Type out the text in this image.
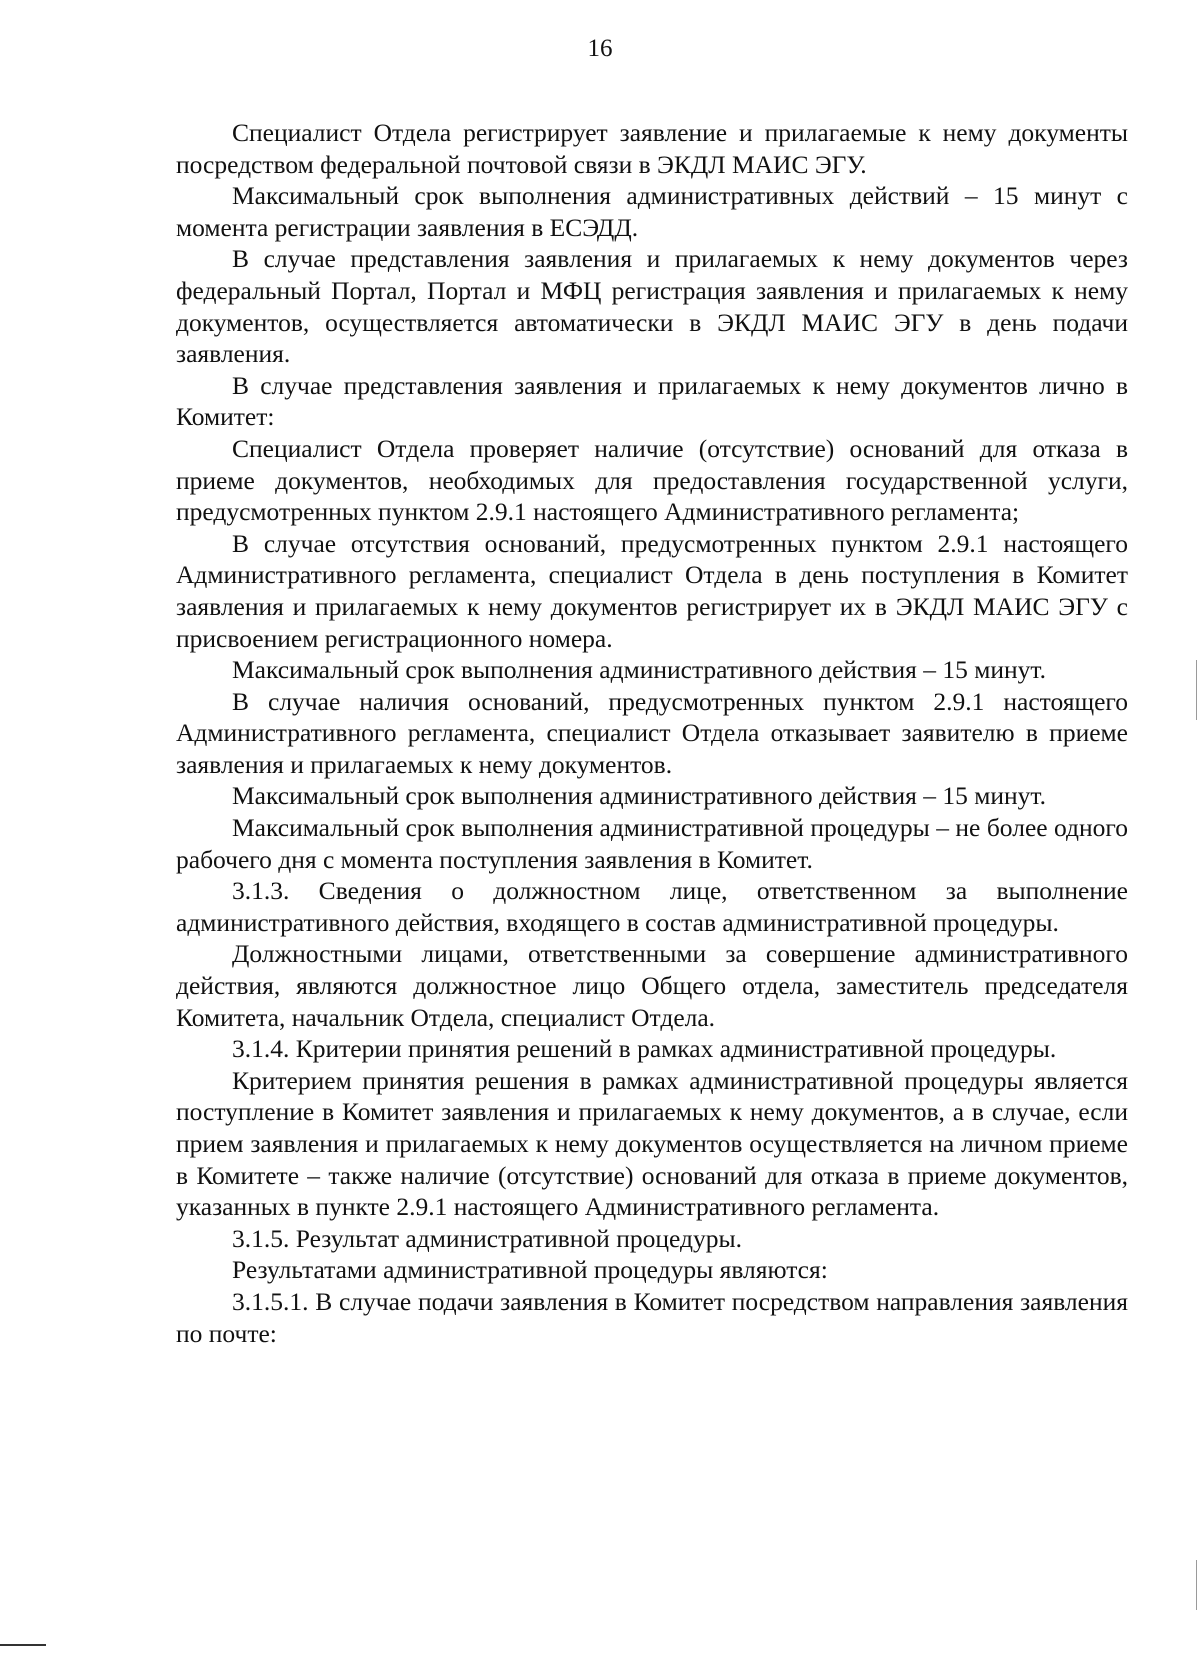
16

Специалист Отдела регистрирует заявление и прилагаемые к нему документы посредством федеральной почтовой связи в ЭКДЛ МАИС ЭГУ.

Максимальный срок выполнения административных действий – 15 минут с момента регистрации заявления в ЕСЭДД.

В случае представления заявления и прилагаемых к нему документов через федеральный Портал, Портал и МФЦ регистрация заявления и прилагаемых к нему документов, осуществляется автоматически в ЭКДЛ МАИС ЭГУ в день подачи заявления.

В случае представления заявления и прилагаемых к нему документов лично в Комитет:

Специалист Отдела проверяет наличие (отсутствие) оснований для отказа в приеме документов, необходимых для предоставления государственной услуги, предусмотренных пунктом 2.9.1 настоящего Административного регламента;

В случае отсутствия оснований, предусмотренных пунктом 2.9.1 настоящего Административного регламента, специалист Отдела в день поступления в Комитет заявления и прилагаемых к нему документов регистрирует их в ЭКДЛ МАИС ЭГУ с присвоением регистрационного номера.

Максимальный срок выполнения административного действия – 15 минут.

В случае наличия оснований, предусмотренных пунктом 2.9.1 настоящего Административного регламента, специалист Отдела отказывает заявителю в приеме заявления и прилагаемых к нему документов.

Максимальный срок выполнения административного действия – 15 минут.

Максимальный срок выполнения административной процедуры – не более одного рабочего дня с момента поступления заявления в Комитет.

3.1.3. Сведения о должностном лице, ответственном за выполнение административного действия, входящего в состав административной процедуры.

Должностными лицами, ответственными за совершение административного действия, являются должностное лицо Общего отдела, заместитель председателя Комитета, начальник Отдела, специалист Отдела.

3.1.4. Критерии принятия решений в рамках административной процедуры.

Критерием принятия решения в рамках административной процедуры является поступление в Комитет заявления и прилагаемых к нему документов, а в случае, если прием заявления и прилагаемых к нему документов осуществляется на личном приеме в Комитете – также наличие (отсутствие) оснований для отказа в приеме документов, указанных в пункте 2.9.1 настоящего Административного регламента.

3.1.5. Результат административной процедуры.

Результатами административной процедуры являются:

3.1.5.1. В случае подачи заявления в Комитет посредством направления заявления по почте:
